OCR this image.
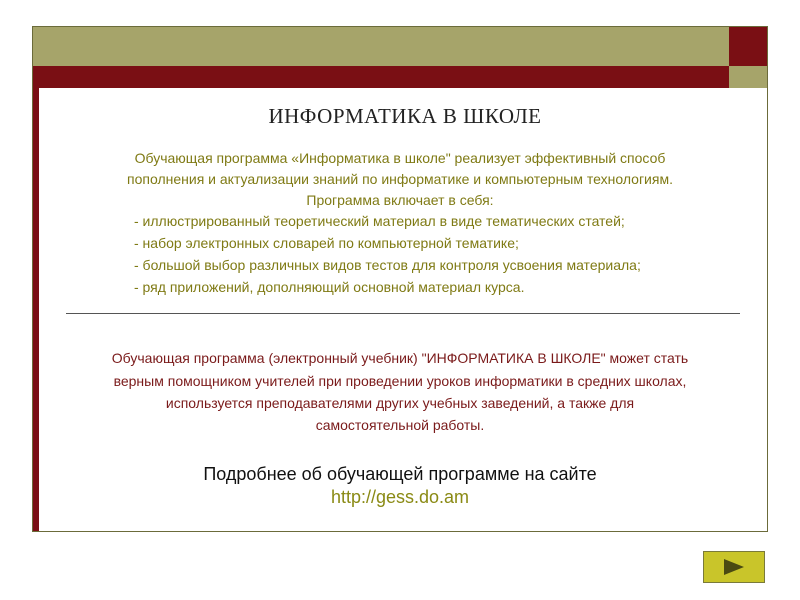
ИНФОРМАТИКА В ШКОЛЕ
Обучающая программа «Информатика в школе" реализует эффективный способ
пополнения и актуализации знаний по информатике и компьютерным технологиям.
Программа включает в себя:
- иллюстрированный теоретический материал в виде тематических статей;
- набор электронных словарей по компьютерной тематике;
- большой выбор различных видов тестов для контроля усвоения материала;
- ряд приложений, дополняющий основной материал курса.
Обучающая программа (электронный учебник) "ИНФОРМАТИКА В ШКОЛЕ" может стать
верным помощником учителей при проведении уроков информатики в средних школах,
используется преподавателями других учебных заведений, а также для
самостоятельной работы.
Подробнее об обучающей программе на сайте
http://gess.do.am
